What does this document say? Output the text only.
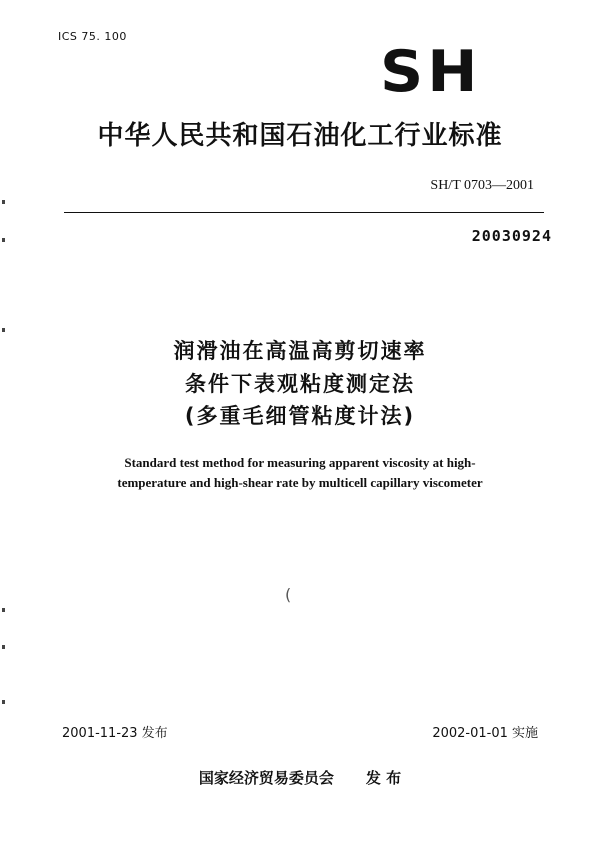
ICS 75. 100
SH
中华人民共和国石油化工行业标准
SH/T 0703—2001
20030924
润滑油在高温高剪切速率
条件下表观粘度测定法
(多重毛细管粘度计法)
Standard test method for measuring apparent viscosity at high-
temperature and high-shear rate by multicell capillary viscometer
(
2001-11-23 发布	2002-01-01 实施
国家经济贸易委员会 发 布
